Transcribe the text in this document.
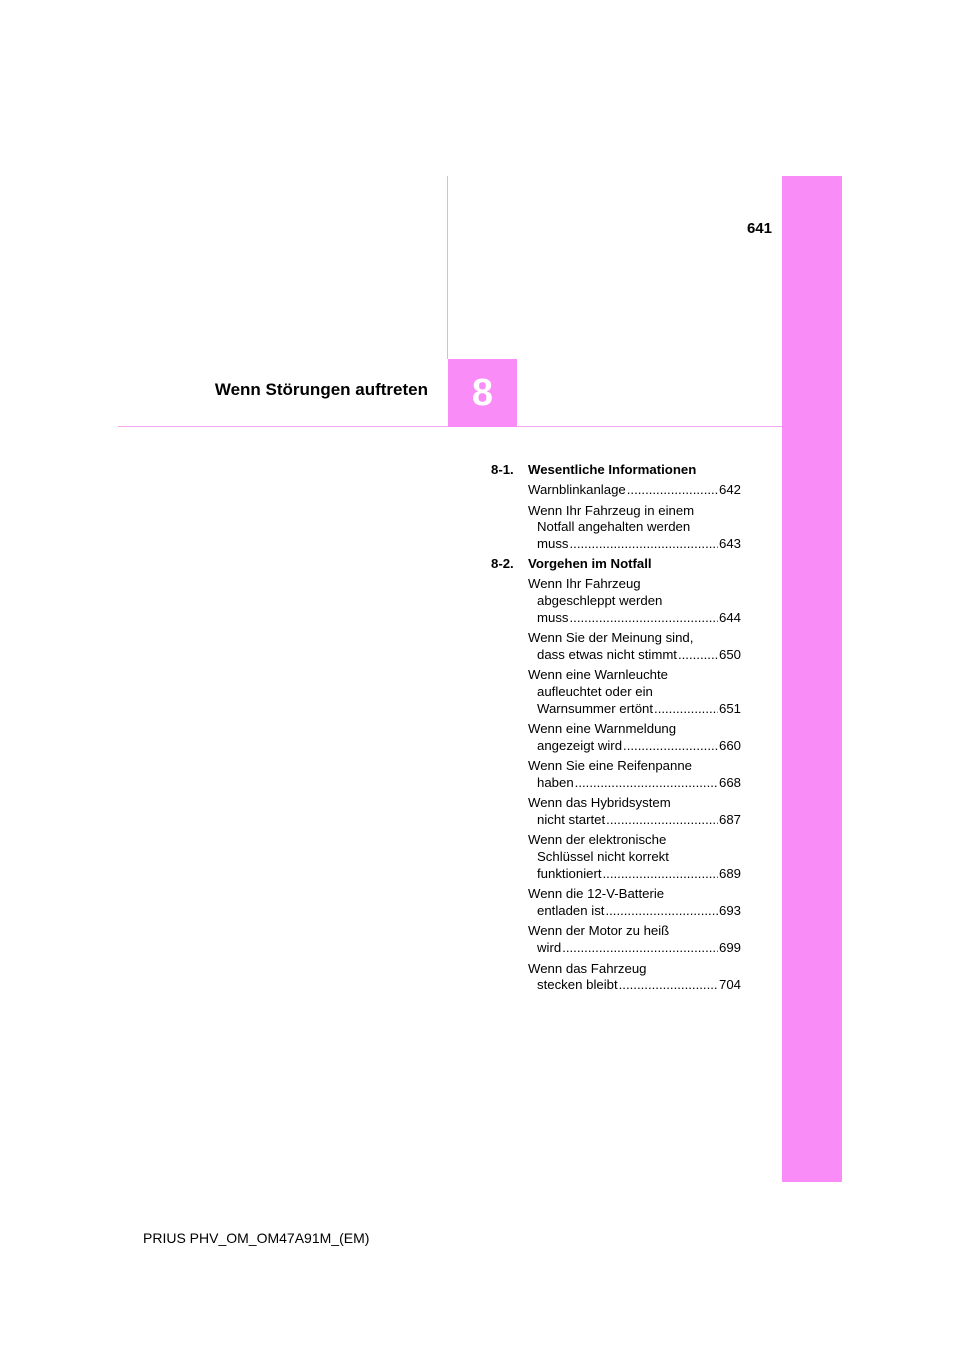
641
Wenn Störungen auftreten 8
8-1. Wesentliche Informationen
Warnblinkanlage .....	642
Wenn Ihr Fahrzeug in einem
Notfall angehalten werden
muss .....	643
8-2. Vorgehen im Notfall
Wenn Ihr Fahrzeug
abgeschleppt werden
muss .....	644
Wenn Sie der Meinung sind,
dass etwas nicht stimmt .....	650
Wenn eine Warnleuchte
aufleuchtet oder ein
Warnsummer ertönt .....	651
Wenn eine Warnmeldung
angezeigt wird .....	660
Wenn Sie eine Reifenpanne
haben .....	668
Wenn das Hybridsystem
nicht startet .....	687
Wenn der elektronische
Schlüssel nicht korrekt
funktioniert .....	689
Wenn die 12-V-Batterie
entladen ist .....	693
Wenn der Motor zu heiß
wird .....	699
Wenn das Fahrzeug
stecken bleibt .....	704
PRIUS PHV_OM_OM47A91M_(EM)
